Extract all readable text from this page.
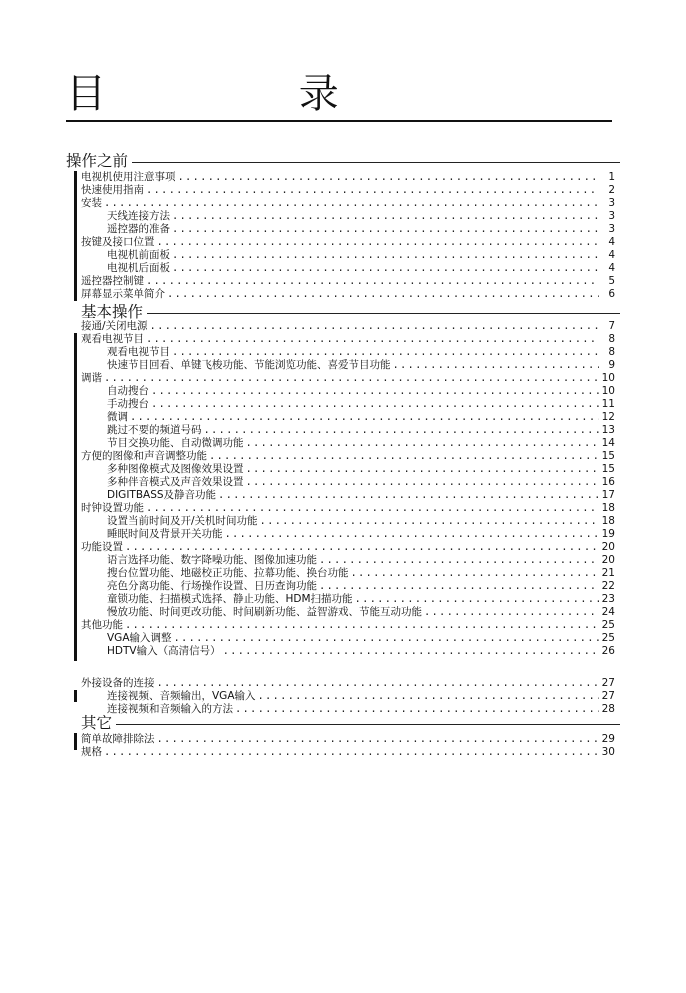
目 录
操作之前
电视机使用注意事项 .....	1
快速使用指南 .....	2
安装 .....	3
天线连接方法 .....	3
遥控器的准备 .....	3
按键及接口位置 .....	4
电视机前面板 .....	4
电视机后面板 .....	4
遥控器控制键 .....	5
屏幕显示菜单简介 .....	6
基本操作
接通/关闭电源 .....	7
观看电视节目 .....	8
观看电视节目 .....	8
快速节目回看、单键飞梭功能、节能浏览功能、喜爱节目功能 .....	9
调谐 .....	10
自动搜台 .....	10
手动搜台 .....	11
微调 .....	12
跳过不要的频道号码 .....	13
节目交换功能、自动微调功能 .....	14
方便的图像和声音调整功能 .....	15
多种图像模式及图像效果设置 .....	15
多种伴音模式及声音效果设置 .....	16
DIGITBASS及静音功能 .....	17
时钟设置功能 .....	18
设置当前时间及开/关机时间功能 .....	18
睡眠时间及背景开关功能 .....	19
功能设置 .....	20
语言选择功能、数字降噪功能、图像加速功能 .....	20
搜台位置功能、地磁校正功能、拉幕功能、换台功能 .....	21
亮色分离功能、行场操作设置、日历查询功能 .....	22
童锁功能、扫描模式选择、静止功能、HDM扫描功能 .....	23
慢放功能、时间更改功能、时间刷新功能、益智游戏、节能互动功能 .....	24
其他功能 .....	25
VGA输入调整 .....	25
HDTV输入（高清信号） .....	26
外接设备的连接 .....	27
连接视频、音频输出，VGA输入 .....	27
连接视频和音频输入的方法 .....	28
其它
简单故障排除法 .....	29
规格 .....	30
